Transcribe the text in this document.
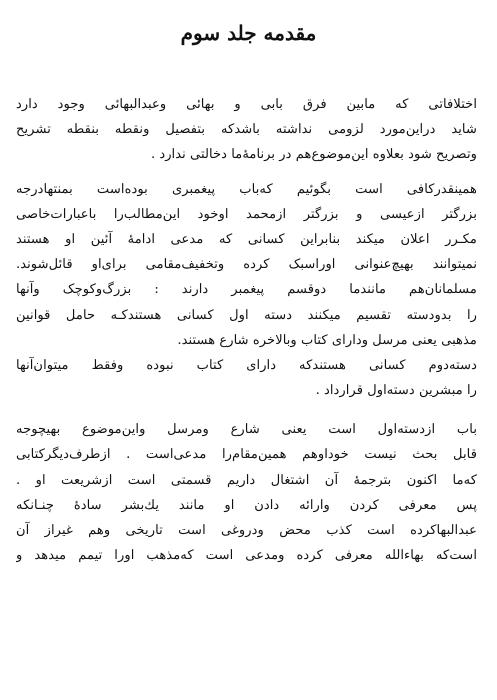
مقدمه جلد سوم
اختلافاتی که مابین فرق بابی و بهائی وعبدالبهائی وجود دارد
شاید دراین‌مورد لزومی نداشته باشدکه بتفصیل ونقطه بنقطه تشریح
وتصریح شود بعلاوه این‌موضوع‌هم در برنامه‌ٔما دخالتی ندارد .
همینقدرکافی است بگوئیم که‌باب پیغمبری بوده‌است بمنتهادرجه
بزرگتر ازعیسی و بزرگتر ازمحمد اوخود این‌مطالب‌را باعبارات‌خاصی
مکـرر اعلان میکند بنابراین کسانی که مدعی ادامهٔ آئین او هستند
نمیتوانند بهیچ‌عنوانی اوراسبک کرده وتخفیف‌مقامی برای‌او قائل‌شوند.
مسلمانان‌هم مانندما دوقسم پیغمبر دارند : بزرگ‌وکوچک وآنها
را بدودسته تقسیم میکنند دسته اول کسانی هستندکـه حامل قوانین
مذهبی یعنی مرسل ودارای کتاب وبالاخره شارع هستند.
دسته‌دوم کسانی هستندکه دارای کتاب نبوده وفقط میتوان‌آنها
را مبشرین دسته‌اول قرارداد .
باب ازدسته‌اول است یعنی شارع ومرسل واین‌موضوع بهیچوجه
قابل بحث نیست خوداوهم همین‌مقام‌را مدعی‌است . ازطرف‌دیگرکتابی
کەما اکنون بترجمهٔ آن اشتغال داریم قسمتی است ازشریعت او .
پس معرفی کردن وارائه دادن او مانند یك‌بشر سادهٔ چنـانکه
عبدالبهاکرده است کذب محض ودروغی است تاریخی وهم غیراز آن
است‌که بهاءالله معرفی کرده ومدعی است کەمذهب اورا تیمم میدهد و
